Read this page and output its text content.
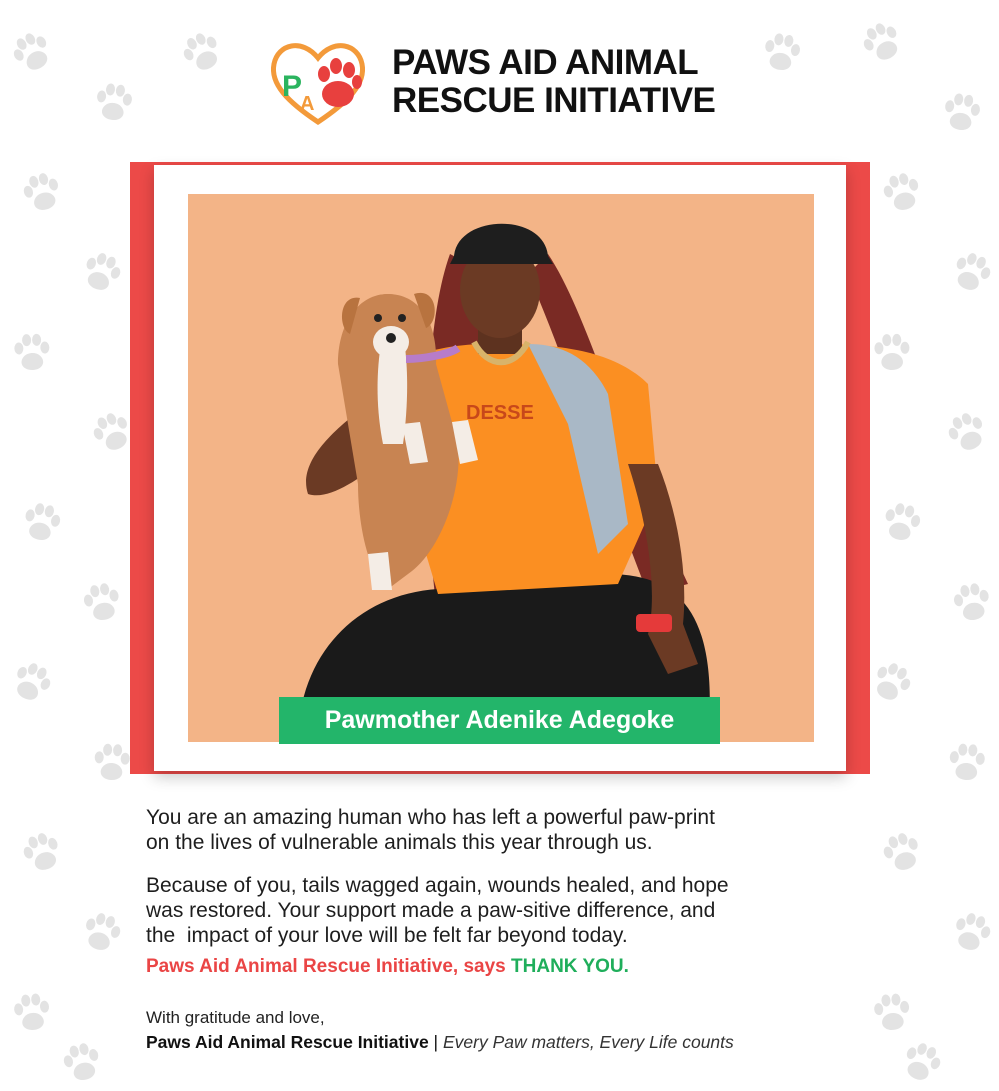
P
A
PAWS AID ANIMAL
RESCUE INITIATIVE
DESSE
Pawmother Adenike Adegoke
You are an amazing human who has left a powerful paw-print
on the lives of vulnerable animals this year through us.
Because of you, tails wagged again, wounds healed, and hope
was restored. Your support made a paw-sitive difference, and
the  impact of your love will be felt far beyond today.
Paws Aid Animal Rescue Initiative, says THANK YOU.
With gratitude and love,
Paws Aid Animal Rescue Initiative | Every Paw matters, Every Life counts
